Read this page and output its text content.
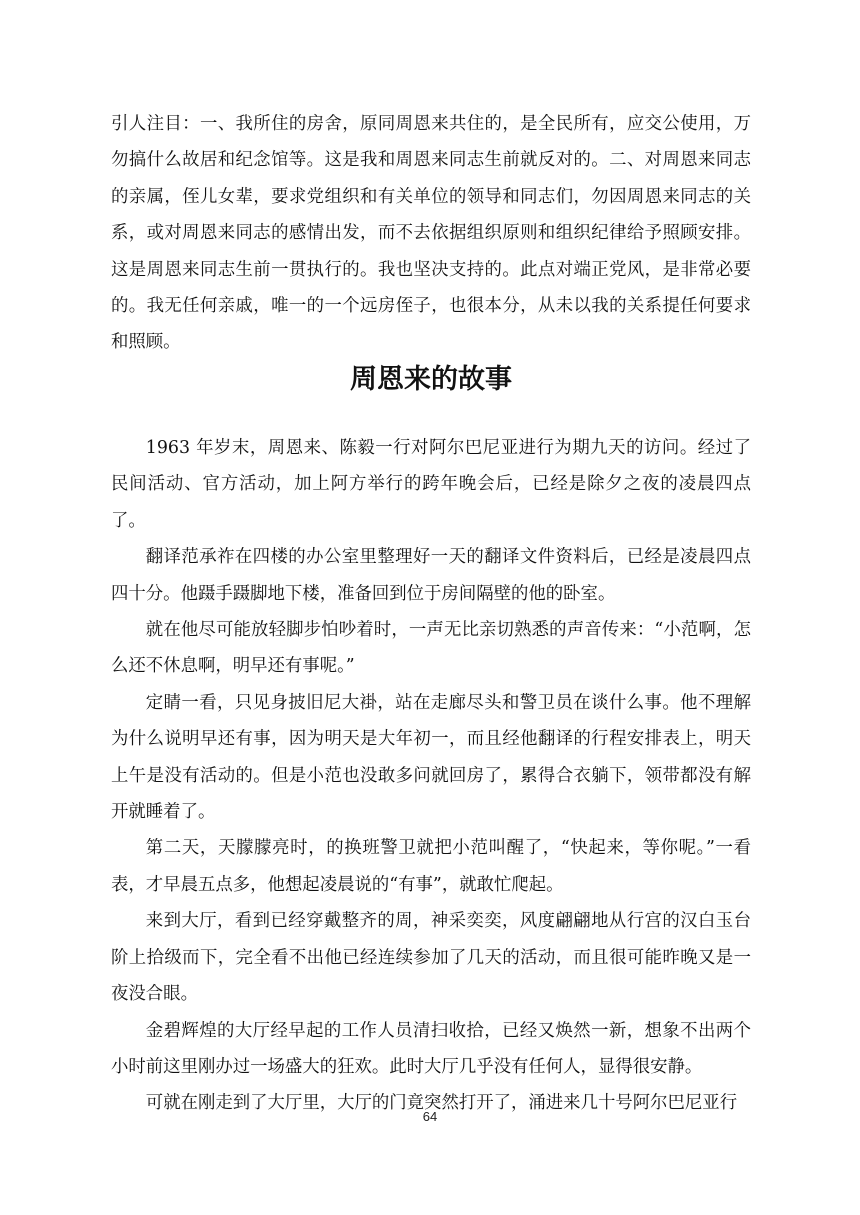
引人注目：一、我所住的房舍，原同周恩来共住的，是全民所有，应交公使用，万勿搞什么故居和纪念馆等。这是我和周恩来同志生前就反对的。二、对周恩来同志的亲属，侄儿女辈，要求党组织和有关单位的领导和同志们，勿因周恩来同志的关系，或对周恩来同志的感情出发，而不去依据组织原则和组织纪律给予照顾安排。这是周恩来同志生前一贯执行的。我也坚决支持的。此点对端正党风，是非常必要的。我无任何亲戚，唯一的一个远房侄子，也很本分，从未以我的关系提任何要求和照顾。

周恩来的故事

1963 年岁末，周恩来、陈毅一行对阿尔巴尼亚进行为期九天的访问。经过了民间活动、官方活动，加上阿方举行的跨年晚会后，已经是除夕之夜的凌晨四点了。

翻译范承祚在四楼的办公室里整理好一天的翻译文件资料后，已经是凌晨四点四十分。他蹑手蹑脚地下楼，准备回到位于房间隔壁的他的卧室。

就在他尽可能放轻脚步怕吵着时，一声无比亲切熟悉的声音传来：“小范啊，怎么还不休息啊，明早还有事呢。”

定睛一看，只见身披旧尼大褂，站在走廊尽头和警卫员在谈什么事。他不理解为什么说明早还有事，因为明天是大年初一，而且经他翻译的行程安排表上，明天上午是没有活动的。但是小范也没敢多问就回房了，累得合衣躺下，领带都没有解开就睡着了。

第二天，天朦朦亮时，的换班警卫就把小范叫醒了，“快起来，等你呢。”一看表，才早晨五点多，他想起凌晨说的“有事”，就敢忙爬起。

来到大厅，看到已经穿戴整齐的周，神采奕奕，风度翩翩地从行宫的汉白玉台阶上拾级而下，完全看不出他已经连续参加了几天的活动，而且很可能昨晚又是一夜没合眼。

金碧辉煌的大厅经早起的工作人员清扫收拾，已经又焕然一新，想象不出两个小时前这里刚办过一场盛大的狂欢。此时大厅几乎没有任何人，显得很安静。

可就在刚走到了大厅里，大厅的门竟突然打开了，涌进来几十号阿尔巴尼亚行

64
